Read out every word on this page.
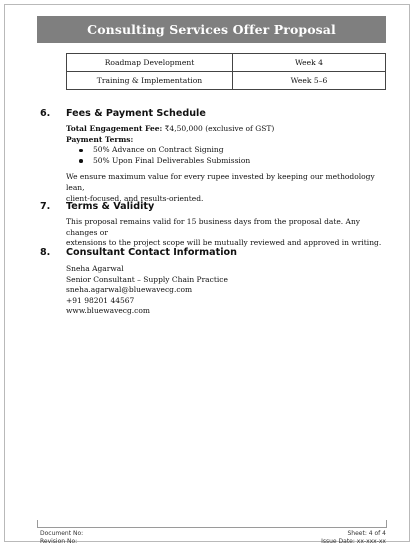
Consulting Services Offer Proposal
Roadmap Development	Week 4
Training & Implementation	Week 5–6
6.	Fees & Payment Schedule
Total Engagement Fee: ₹4,50,000 (exclusive of GST)
Payment Terms:
50% Advance on Contract Signing
50% Upon Final Deliverables Submission
We ensure maximum value for every rupee invested by keeping our methodology lean,
client-focused, and results-oriented.
7.	Terms & Validity
This proposal remains valid for 15 business days from the proposal date. Any changes or
extensions to the project scope will be mutually reviewed and approved in writing.
8.	Consultant Contact Information
Sneha Agarwal
Senior Consultant – Supply Chain Practice
sneha.agarwal@bluewavecg.com
+91 98201 44567
www.bluewavecg.com
Document No:
Revision No:
Sheet: 4 of 4
Issue Date: xx-xxx-xx
